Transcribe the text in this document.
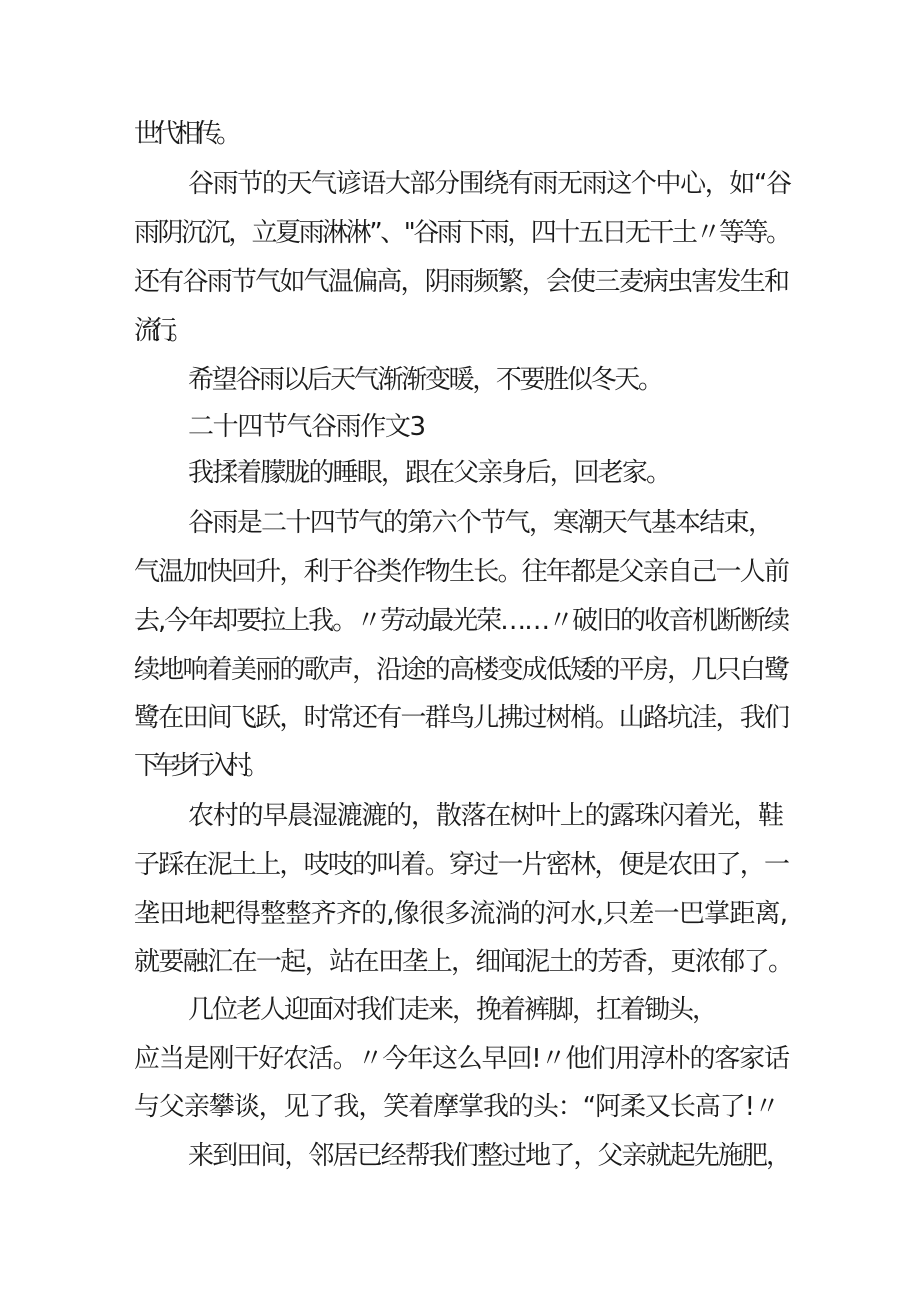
世代相传。
谷雨节的天气谚语大部分围绕有雨无雨这个中心，如“谷
雨阴沉沉，立夏雨淋淋”、"谷雨下雨，四十五日无干土〃等等。
还有谷雨节气如气温偏高，阴雨频繁，会使三麦病虫害发生和
流行。
希望谷雨以后天气渐渐变暖，不要胜似冬天。
二十四节气谷雨作文3
我揉着朦胧的睡眼，跟在父亲身后，回老家。
谷雨是二十四节气的第六个节气，寒潮天气基本结束，
气温加快回升，利于谷类作物生长。往年都是父亲自己一人前
去,今年却要拉上我。〃劳动最光荣……〃破旧的收音机断断续
续地响着美丽的歌声，沿途的高楼变成低矮的平房，几只白鹭
鹭在田间飞跃，时常还有一群鸟儿拂过树梢。山路坑洼，我们
下车步行入村。
农村的早晨湿漉漉的，散落在树叶上的露珠闪着光，鞋
子踩在泥土上，吱吱的叫着。穿过一片密林，便是农田了，一
垄田地耙得整整齐齐的,像很多流淌的河水,只差一巴掌距离,
就要融汇在一起，站在田垄上，细闻泥土的芳香，更浓郁了。
几位老人迎面对我们走来，挽着裤脚，扛着锄头，
应当是刚干好农活。〃今年这么早回!〃他们用淳朴的客家话
与父亲攀谈，见了我，笑着摩掌我的头：“阿柔又长高了!〃
来到田间，邻居已经帮我们整过地了，父亲就起先施肥，
